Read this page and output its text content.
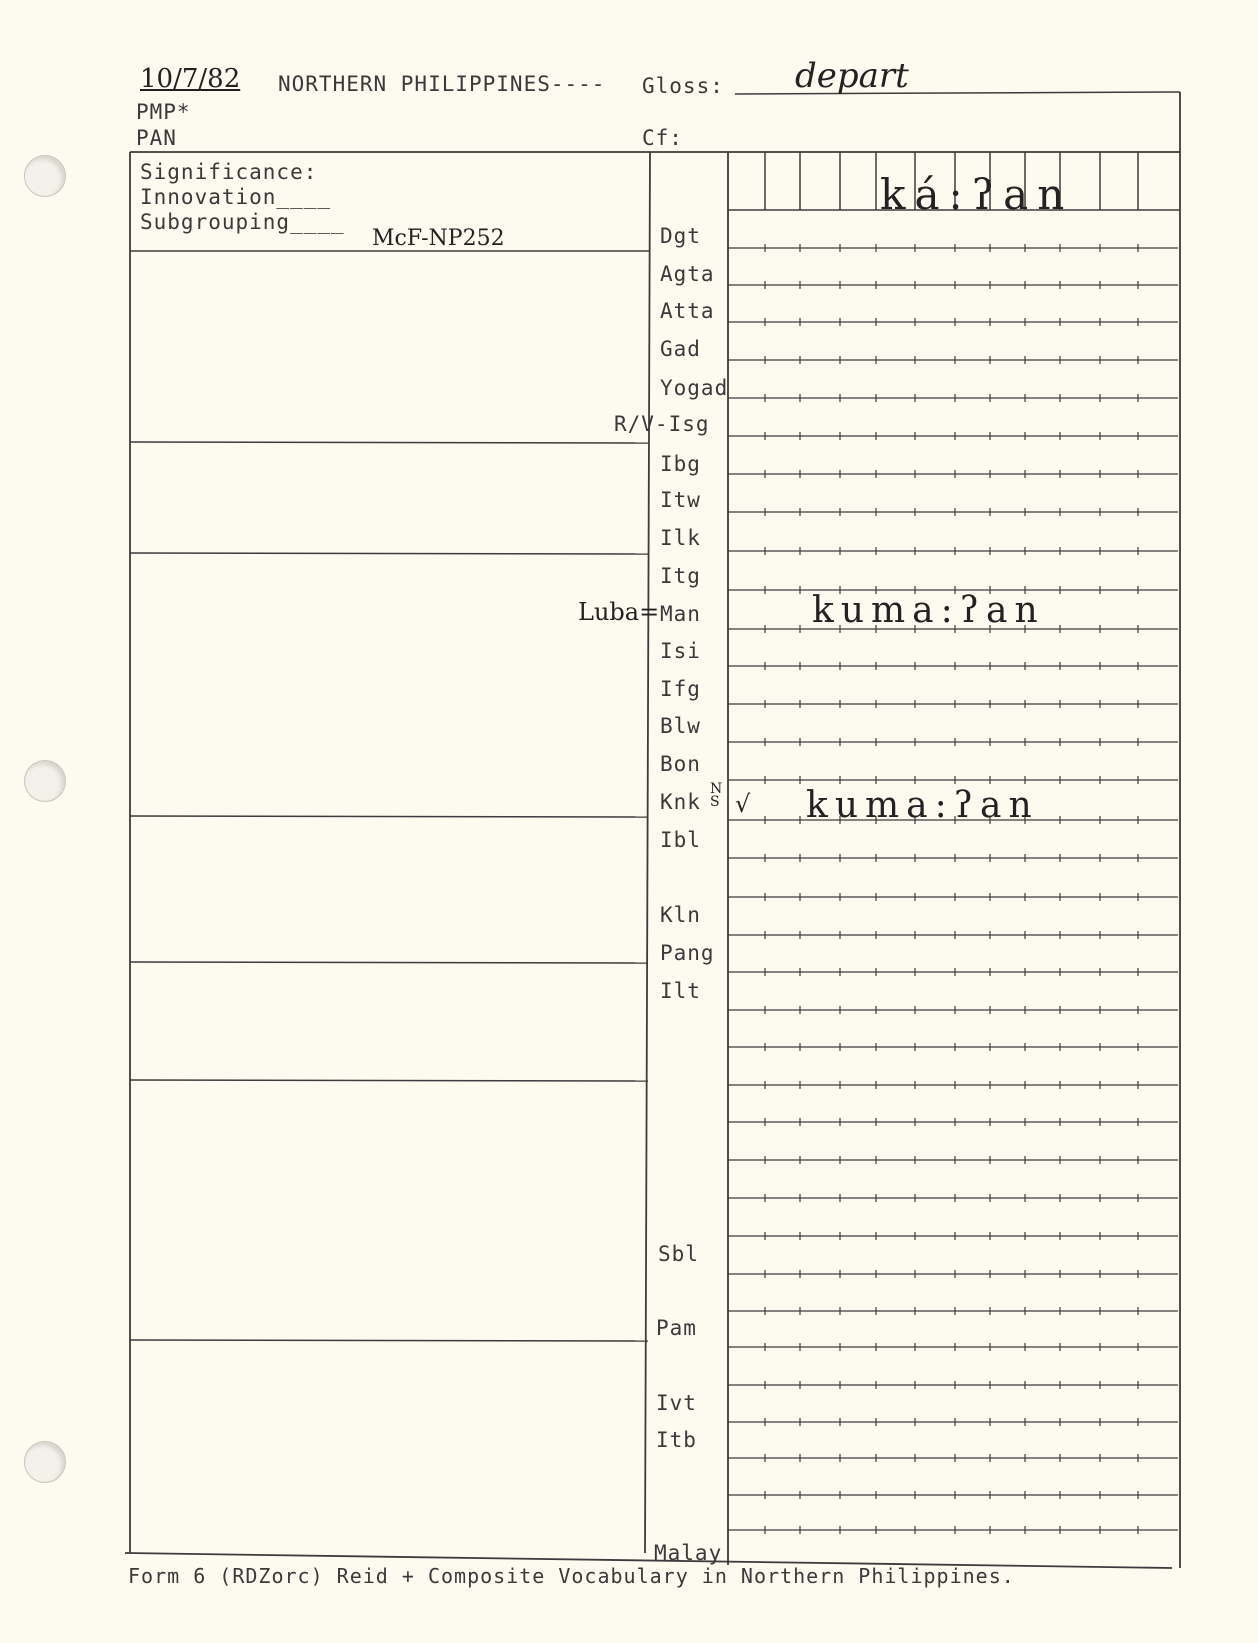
10/7/82 NORTHERN PHILIPPINES---- Gloss: depart
PMP*
PAN	Cf:
Significance:
Innovation____
Subgrouping____
McF-NP252
ká:ʔan
Dgt
Agta
Atta
Gad
Yogad
R/V-Isg
Ibg
Itw
Ilk
Itg
Man
Isi
Ifg
Blw
Bon
Knk
Ibl
Kln
Pang
Ilt
Sbl
Pam
Ivt
Itb
Malay
Luba=	kuma:ʔan
N
S √ kuma:ʔan
Form 6 (RDZorc) Reid + Composite Vocabulary in Northern Philippines.
